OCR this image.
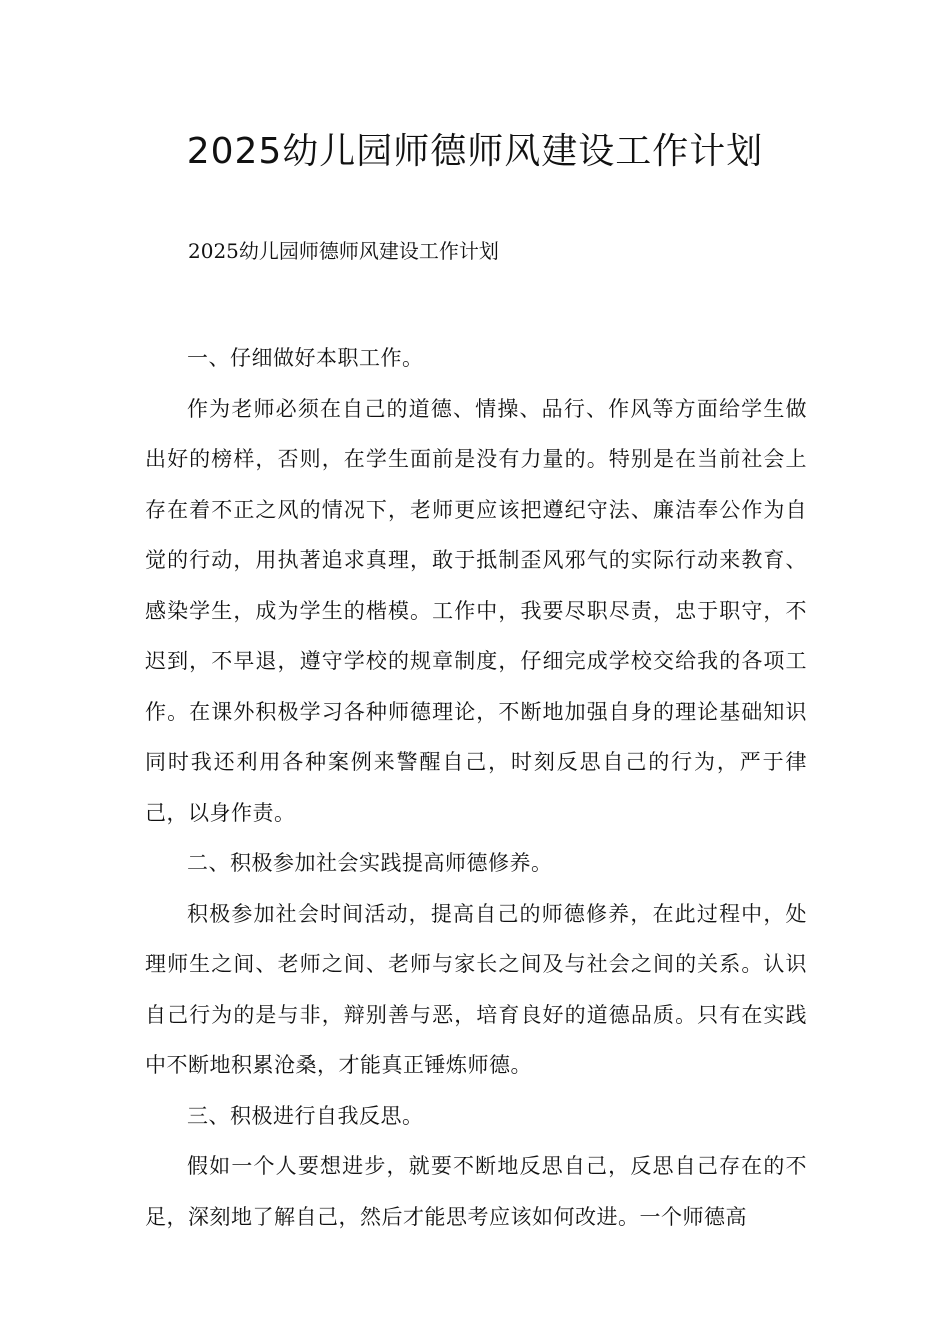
2025幼儿园师德师风建设工作计划

2025幼儿园师德师风建设工作计划

一、仔细做好本职工作。

作为老师必须在自己的道德、情操、品行、作风等方面给学生做出好的榜样，否则，在学生面前是没有力量的。特别是在当前社会上存在着不正之风的情况下，老师更应该把遵纪守法、廉洁奉公作为自觉的行动，用执著追求真理，敢于抵制歪风邪气的实际行动来教育、感染学生，成为学生的楷模。工作中，我要尽职尽责，忠于职守，不迟到，不早退，遵守学校的规章制度，仔细完成学校交给我的各项工作。在课外积极学习各种师德理论，不断地加强自身的理论基础知识同时我还利用各种案例来警醒自己，时刻反思自己的行为，严于律己，以身作责。

二、积极参加社会实践提高师德修养。

积极参加社会时间活动，提高自己的师德修养，在此过程中，处理师生之间、老师之间、老师与家长之间及与社会之间的关系。认识自己行为的是与非，辩别善与恶，培育良好的道德品质。只有在实践中不断地积累沧桑，才能真正锤炼师德。

三、积极进行自我反思。

假如一个人要想进步，就要不断地反思自己，反思自己存在的不足，深刻地了解自己，然后才能思考应该如何改进。一个师德高
